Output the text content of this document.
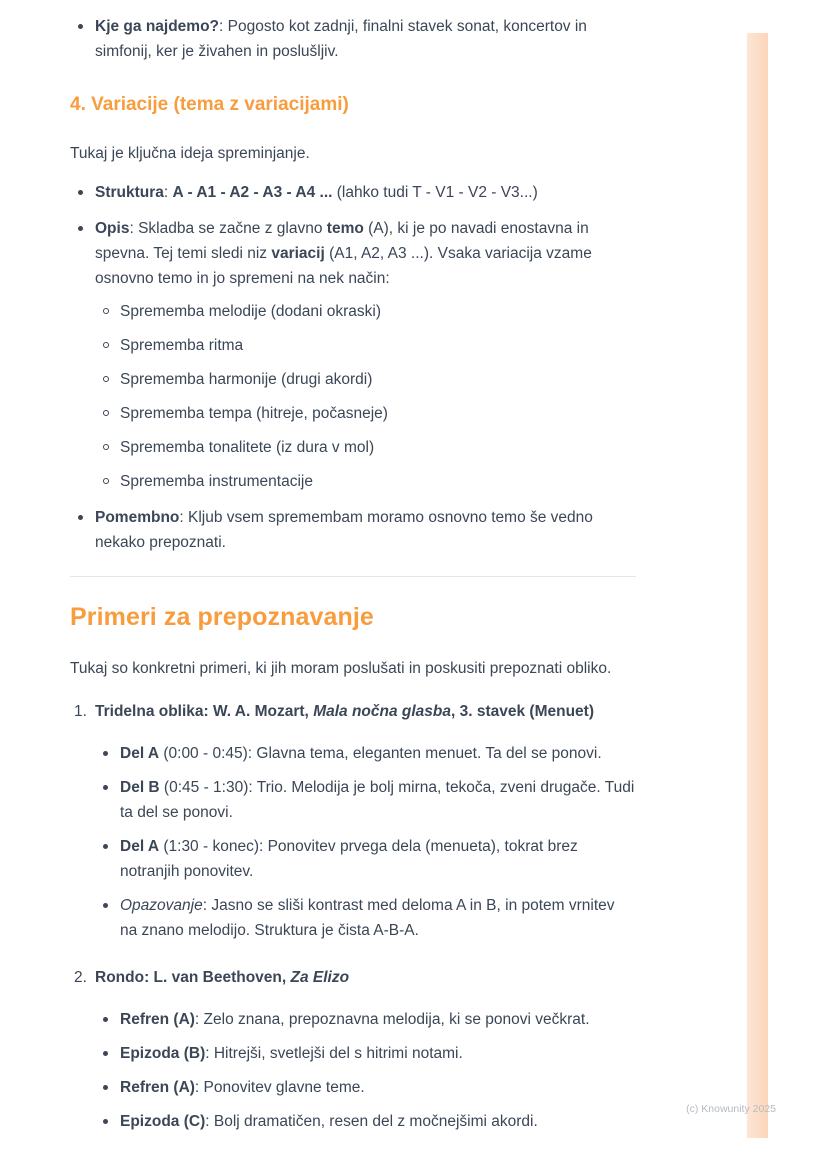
Kje ga najdemo?: Pogosto kot zadnji, finalni stavek sonat, koncertov in simfonij, ker je živahen in poslušljiv.
4. Variacije (tema z variacijami)

Tukaj je ključna ideja spreminjanje.

Struktura: A - A1 - A2 - A3 - A4 ... (lahko tudi T - V1 - V2 - V3...)
Opis: Skladba se začne z glavno temo (A), ki je po navadi enostavna in spevna. Tej temi sledi niz variacij (A1, A2, A3 ...). Vsaka variacija vzame osnovno temo in jo spremeni na nek način:
Sprememba melodije (dodani okraski)
Sprememba ritma
Sprememba harmonije (drugi akordi)
Sprememba tempa (hitreje, počasneje)
Sprememba tonalitete (iz dura v mol)
Sprememba instrumentacije
Pomembno: Kljub vsem spremembam moramo osnovno temo še vedno nekako prepoznati.
Primeri za prepoznavanje

Tukaj so konkretni primeri, ki jih moram poslušati in poskusiti prepoznati obliko.

Tridelna oblika: W. A. Mozart, Mala nočna glasba, 3. stavek (Menuet)
Del A (0:00 - 0:45): Glavna tema, eleganten menuet. Ta del se ponovi.
Del B (0:45 - 1:30): Trio. Melodija je bolj mirna, tekoča, zveni drugače. Tudi ta del se ponovi.
Del A (1:30 - konec): Ponovitev prvega dela (menueta), tokrat brez notranjih ponovitev.
Opazovanje: Jasno se sliši kontrast med deloma A in B, in potem vrnitev na znano melodijo. Struktura je čista A-B-A.
Rondo: L. van Beethoven, Za Elizo
Refren (A): Zelo znana, prepoznavna melodija, ki se ponovi večkrat.
Epizoda (B): Hitrejši, svetlejši del s hitrimi notami.
Refren (A): Ponovitev glavne teme.
Epizoda (C): Bolj dramatičen, resen del z močnejšimi akordi.
(c) Knowunity 2025
